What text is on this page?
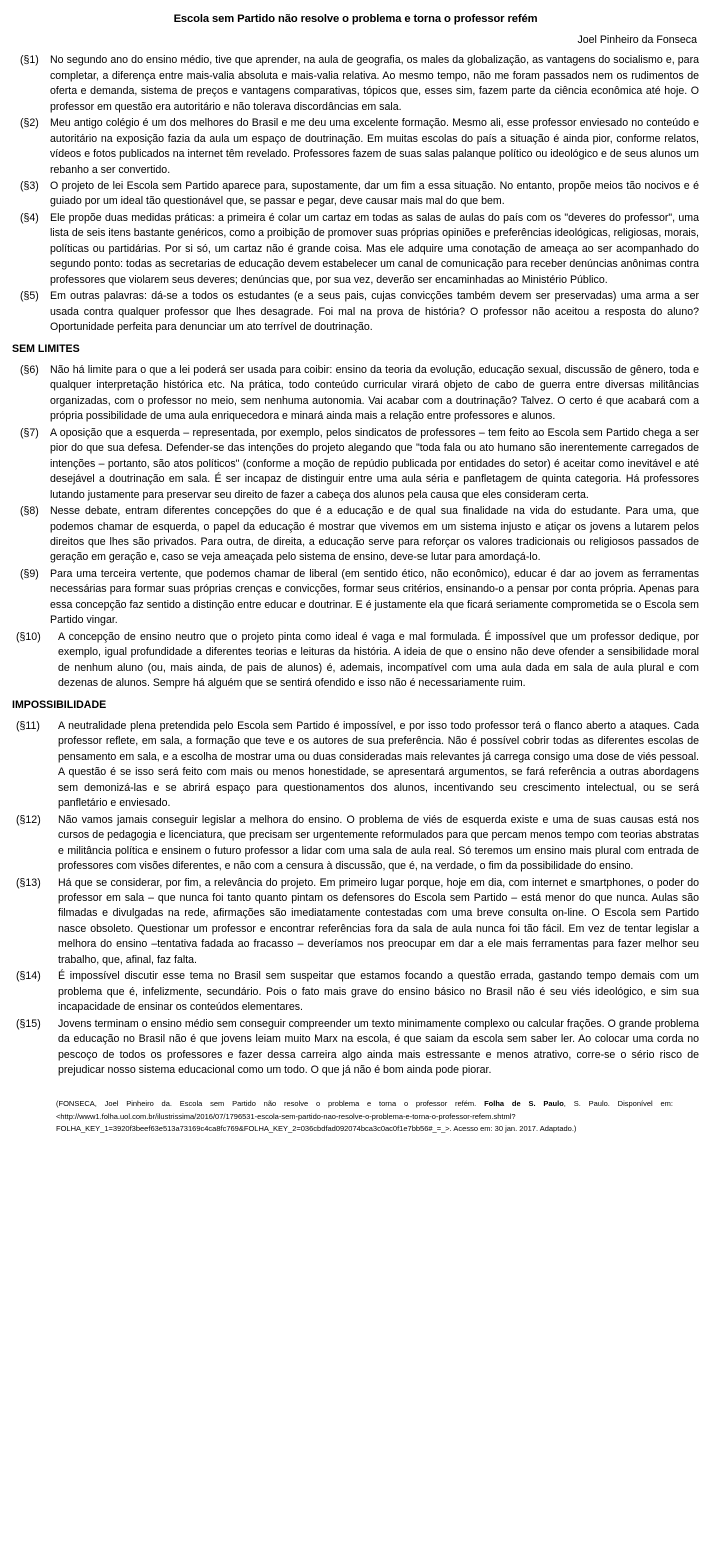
Escola sem Partido não resolve o problema e torna o professor refém
Joel Pinheiro da Fonseca
(§1)	No segundo ano do ensino médio, tive que aprender, na aula de geografia, os males da globalização, as vantagens do socialismo e, para completar, a diferença entre mais-valia absoluta e mais-valia relativa. Ao mesmo tempo, não me foram passados nem os rudimentos de oferta e demanda, sistema de preços e vantagens comparativas, tópicos que, esses sim, fazem parte da ciência econômica até hoje. O professor em questão era autoritário e não tolerava discordâncias em sala.
(§2)	Meu antigo colégio é um dos melhores do Brasil e me deu uma excelente formação. Mesmo ali, esse professor enviesado no conteúdo e autoritário na exposição fazia da aula um espaço de doutrinação. Em muitas escolas do país a situação é ainda pior, conforme relatos, vídeos e fotos publicados na internet têm revelado. Professores fazem de suas salas palanque político ou ideológico e de seus alunos um rebanho a ser convertido.
(§3)	O projeto de lei Escola sem Partido aparece para, supostamente, dar um fim a essa situação. No entanto, propõe meios tão nocivos e é guiado por um ideal tão questionável que, se passar e pegar, deve causar mais mal do que bem.
(§4)	Ele propõe duas medidas práticas: a primeira é colar um cartaz em todas as salas de aulas do país com os "deveres do professor", uma lista de seis itens bastante genéricos, como a proibição de promover suas próprias opiniões e preferências ideológicas, religiosas, morais, políticas ou partidárias. Por si só, um cartaz não é grande coisa. Mas ele adquire uma conotação de ameaça ao ser acompanhado do segundo ponto: todas as secretarias de educação devem estabelecer um canal de comunicação para receber denúncias anônimas contra professores que violarem seus deveres; denúncias que, por sua vez, deverão ser encaminhadas ao Ministério Público.
(§5)	Em outras palavras: dá-se a todos os estudantes (e a seus pais, cujas convicções também devem ser preservadas) uma arma a ser usada contra qualquer professor que lhes desagrade. Foi mal na prova de história? O professor não aceitou a resposta do aluno? Oportunidade perfeita para denunciar um ato terrível de doutrinação.
SEM LIMITES
(§6)	Não há limite para o que a lei poderá ser usada para coibir: ensino da teoria da evolução, educação sexual, discussão de gênero, toda e qualquer interpretação histórica etc. Na prática, todo conteúdo curricular virará objeto de cabo de guerra entre diversas militâncias organizadas, com o professor no meio, sem nenhuma autonomia. Vai acabar com a doutrinação? Talvez. O certo é que acabará com a própria possibilidade de uma aula enriquecedora e minará ainda mais a relação entre professores e alunos.
(§7)	A oposição que a esquerda – representada, por exemplo, pelos sindicatos de professores – tem feito ao Escola sem Partido chega a ser pior do que sua defesa. Defender-se das intenções do projeto alegando que "toda fala ou ato humano são inerentemente carregados de intenções – portanto, são atos políticos" (conforme a moção de repúdio publicada por entidades do setor) é aceitar como inevitável e até desejável a doutrinação em sala. É ser incapaz de distinguir entre uma aula séria e panfletagem de quinta categoria. Há professores lutando justamente para preservar seu direito de fazer a cabeça dos alunos pela causa que eles consideram certa.
(§8)	Nesse debate, entram diferentes concepções do que é a educação e de qual sua finalidade na vida do estudante. Para uma, que podemos chamar de esquerda, o papel da educação é mostrar que vivemos em um sistema injusto e atiçar os jovens a lutarem pelos direitos que lhes são privados. Para outra, de direita, a educação serve para reforçar os valores tradicionais ou religiosos passados de geração em geração e, caso se veja ameaçada pelo sistema de ensino, deve-se lutar para amordaçá-lo.
(§9)	Para uma terceira vertente, que podemos chamar de liberal (em sentido ético, não econômico), educar é dar ao jovem as ferramentas necessárias para formar suas próprias crenças e convicções, formar seus critérios, ensinando-o a pensar por conta própria. Apenas para essa concepção faz sentido a distinção entre educar e doutrinar. E é justamente ela que ficará seriamente comprometida se o Escola sem Partido vingar.
(§10)	A concepção de ensino neutro que o projeto pinta como ideal é vaga e mal formulada. É impossível que um professor dedique, por exemplo, igual profundidade a diferentes teorias e leituras da história. A ideia de que o ensino não deve ofender a sensibilidade moral de nenhum aluno (ou, mais ainda, de pais de alunos) é, ademais, incompatível com uma aula dada em sala de aula plural e com dezenas de alunos. Sempre há alguém que se sentirá ofendido e isso não é necessariamente ruim.
IMPOSSIBILIDADE
(§11)	A neutralidade plena pretendida pelo Escola sem Partido é impossível, e por isso todo professor terá o flanco aberto a ataques. Cada professor reflete, em sala, a formação que teve e os autores de sua preferência. Não é possível cobrir todas as diferentes escolas de pensamento em sala, e a escolha de mostrar uma ou duas consideradas mais relevantes já carrega consigo uma dose de viés pessoal. A questão é se isso será feito com mais ou menos honestidade, se apresentará argumentos, se fará referência a outras abordagens sem demonizá-las e se abrirá espaço para questionamentos dos alunos, incentivando seu crescimento intelectual, ou se será panfletário e enviesado.
(§12)	Não vamos jamais conseguir legislar a melhora do ensino. O problema de viés de esquerda existe e uma de suas causas está nos cursos de pedagogia e licenciatura, que precisam ser urgentemente reformulados para que percam menos tempo com teorias abstratas e militância política e ensinem o futuro professor a lidar com uma sala de aula real. Só teremos um ensino mais plural com entrada de professores com visões diferentes, e não com a censura à discussão, que é, na verdade, o fim da possibilidade do ensino.
(§13)	Há que se considerar, por fim, a relevância do projeto. Em primeiro lugar porque, hoje em dia, com internet e smartphones, o poder do professor em sala – que nunca foi tanto quanto pintam os defensores do Escola sem Partido – está menor do que nunca. Aulas são filmadas e divulgadas na rede, afirmações são imediatamente contestadas com uma breve consulta on-line. O Escola sem Partido nasce obsoleto. Questionar um professor e encontrar referências fora da sala de aula nunca foi tão fácil. Em vez de tentar legislar a melhora do ensino –tentativa fadada ao fracasso – deveríamos nos preocupar em dar a ele mais ferramentas para fazer melhor seu trabalho, que, afinal, faz falta.
(§14)	É impossível discutir esse tema no Brasil sem suspeitar que estamos focando a questão errada, gastando tempo demais com um problema que é, infelizmente, secundário. Pois o fato mais grave do ensino básico no Brasil não é seu viés ideológico, e sim sua incapacidade de ensinar os conteúdos elementares.
(§15)	Jovens terminam o ensino médio sem conseguir compreender um texto minimamente complexo ou calcular frações. O grande problema da educação no Brasil não é que jovens leiam muito Marx na escola, é que saiam da escola sem saber ler. Ao colocar uma corda no pescoço de todos os professores e fazer dessa carreira algo ainda mais estressante e menos atrativo, corre-se o sério risco de prejudicar nosso sistema educacional como um todo. O que já não é bom ainda pode piorar.
(FONSECA, Joel Pinheiro da. Escola sem Partido não resolve o problema e torna o professor refém. Folha de S. Paulo, S. Paulo. Disponível em: <http://www1.folha.uol.com.br/ilustrissima/2016/07/1796531-escola-sem-partido-nao-resolve-o-problema-e-torna-o-professor-refem.shtml?FOLHA_KEY_1=3920f3beef63e513a73169c4ca8fc769&FOLHA_KEY_2=036cbdfad092074bca3c0ac0f1e7bb56#_=_>. Acesso em: 30 jan. 2017. Adaptado.)
